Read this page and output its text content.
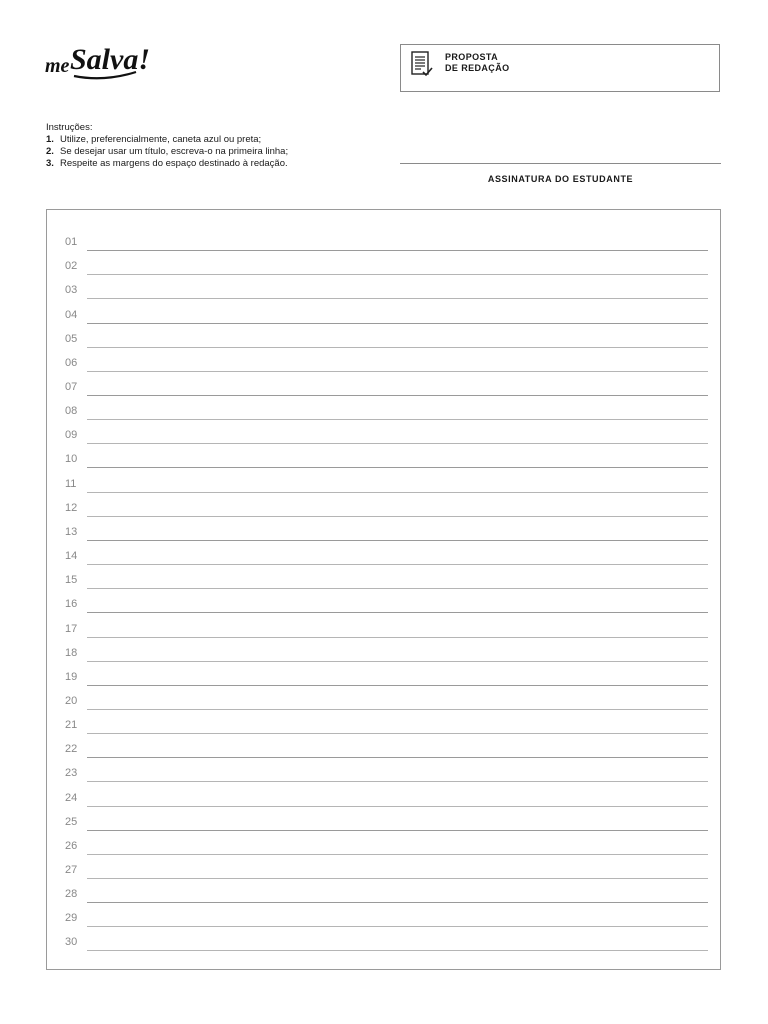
me Salva!	PROPOSTA
DE REDAÇÃO

Instruções:

1. Utilize, preferencialmente, caneta azul ou preta;
2. Se desejar usar um título, escreva-o na primeira linha;
3. Respeite as margens do espaço destinado à redação.
ASSINATURA DO ESTUDANTE
01
02
03
04
05
06
07
08
09
10
11
12
13
14
15
16
17
18
19
20
21
22
23
24
25
26
27
28
29
30
